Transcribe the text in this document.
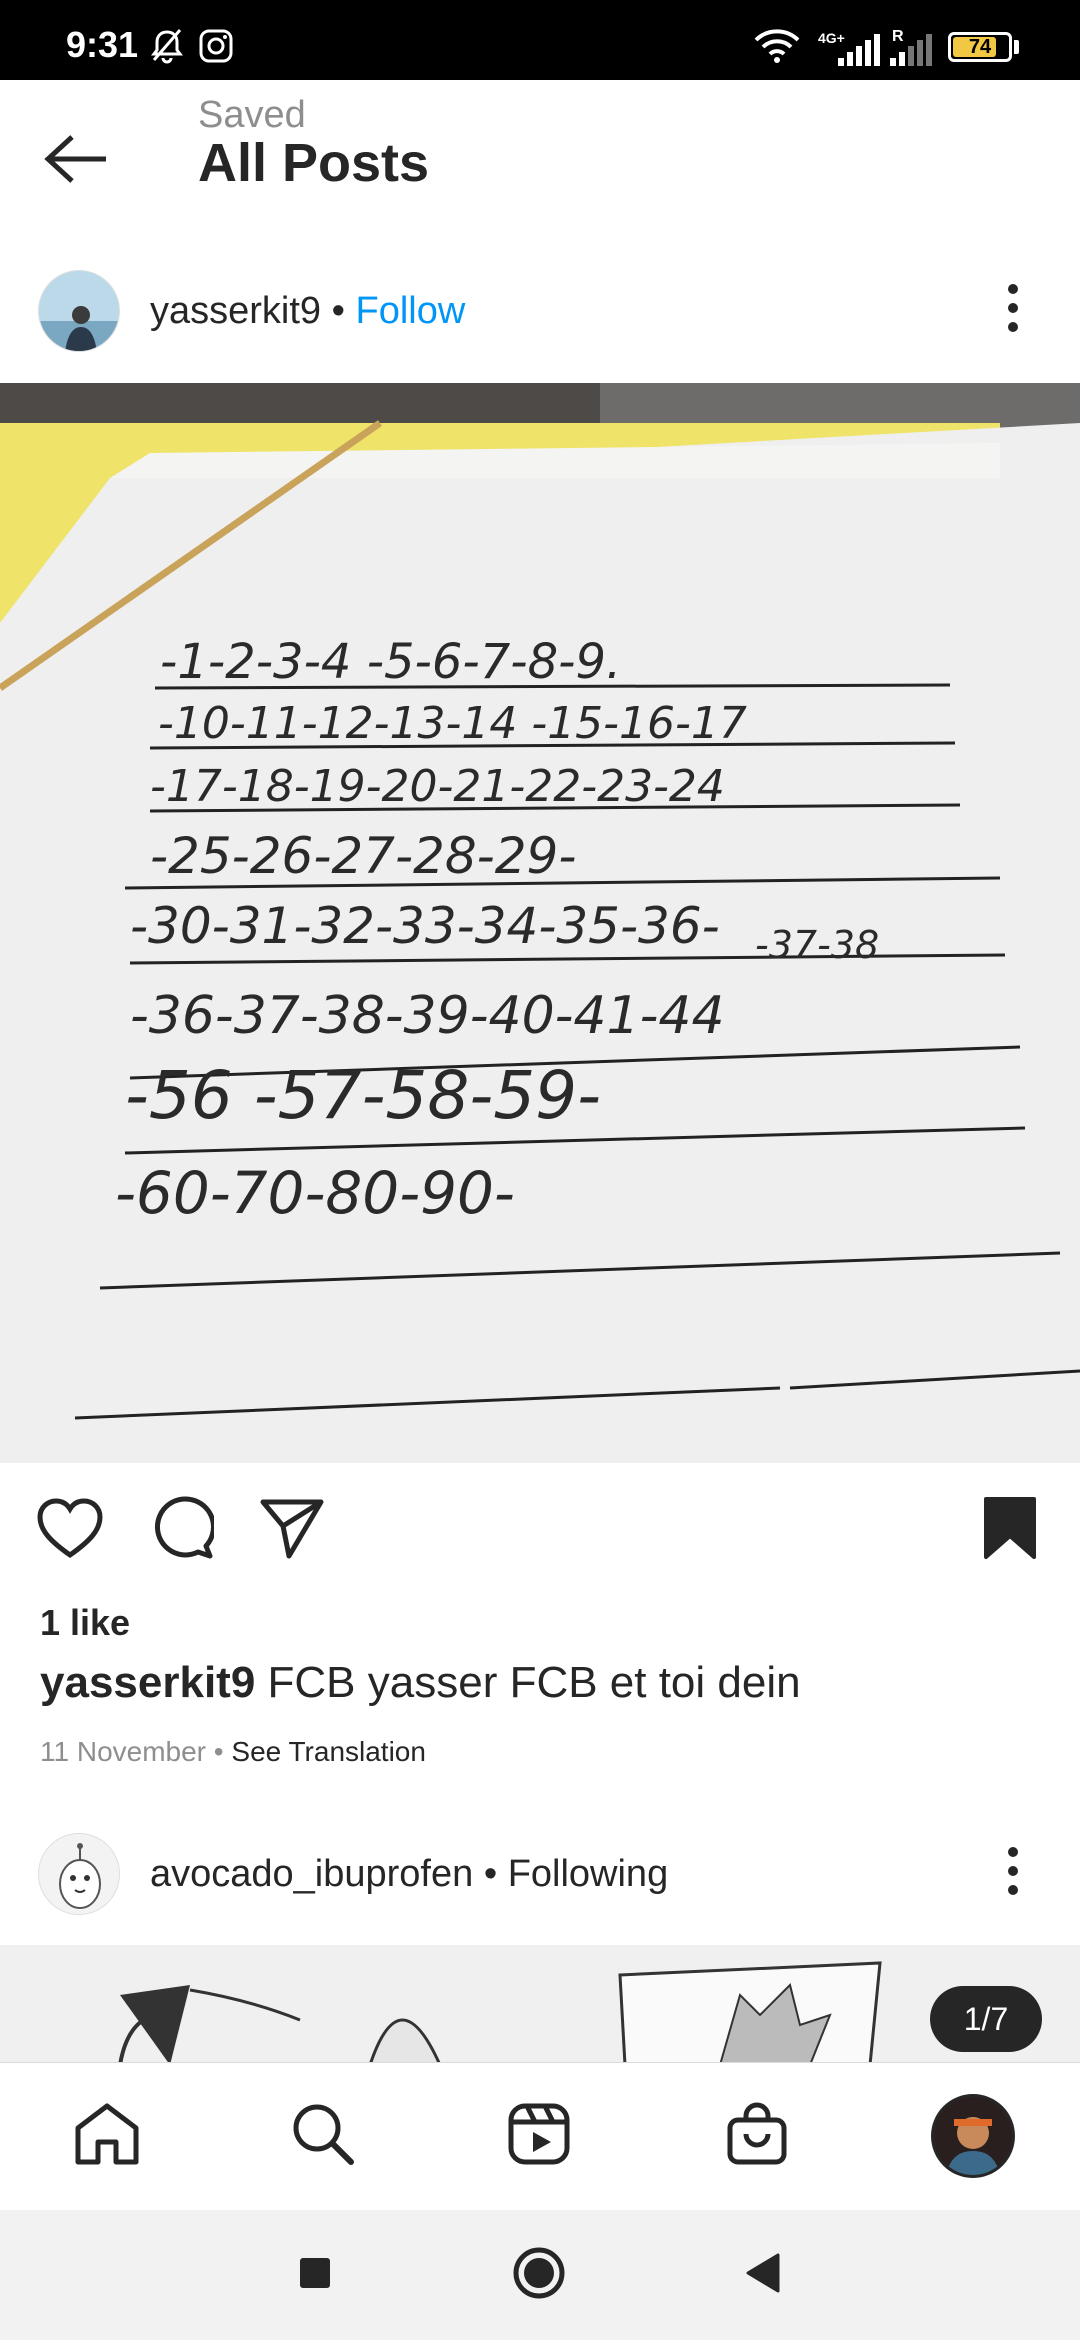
9:31	4G+	R	74
Saved
All Posts
yasserkit9 • Follow
-1-2-3-4 -5-6-7-8-9.
-10-11-12-13-14 -15-16-17
-17-18-19-20-21-22-23-24
-25-26-27-28-29-
-30-31-32-33-34-35-36- -37-38
-36-37-38-39-40-41-44
-56 -57-58-59-
-60-70-80-90-
1 like
yasserkit9 FCB yasser FCB et toi dein
11 November • See Translation
avocado_ibuprofen • Following
1/7
